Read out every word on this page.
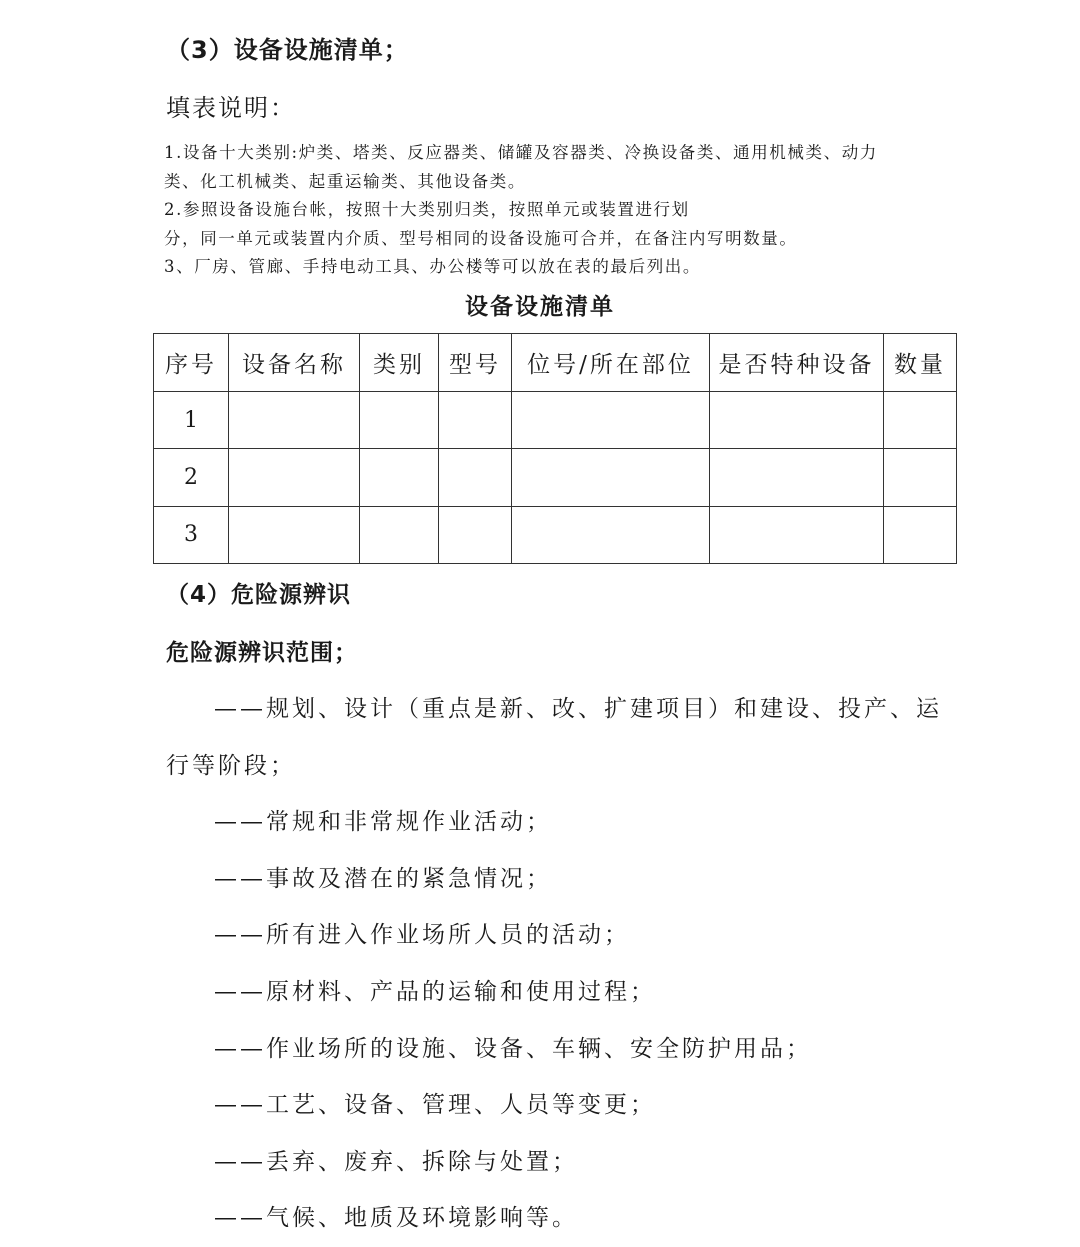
（3）设备设施清单；
填表说明：
1.设备十大类别:炉类、塔类、反应器类、储罐及容器类、冷换设备类、通用机械类、动力
类、化工机械类、起重运输类、其他设备类。
2.参照设备设施台帐，按照十大类别归类，按照单元或装置进行划
分，同一单元或装置内介质、型号相同的设备设施可合并，在备注内写明数量。
3、厂房、管廊、手持电动工具、办公楼等可以放在表的最后列出。
设备设施清单
序号	设备名称	类别	型号	位号/所在部位	是否特种设备	数量
1						
2						
3						
（4）危险源辨识
危险源辨识范围；
——规划、设计（重点是新、改、扩建项目）和建设、投产、运
行等阶段；
——常规和非常规作业活动；
——事故及潜在的紧急情况；
——所有进入作业场所人员的活动；
——原材料、产品的运输和使用过程；
——作业场所的设施、设备、车辆、安全防护用品；
——工艺、设备、管理、人员等变更；
——丢弃、废弃、拆除与处置；
——气候、地质及环境影响等。
